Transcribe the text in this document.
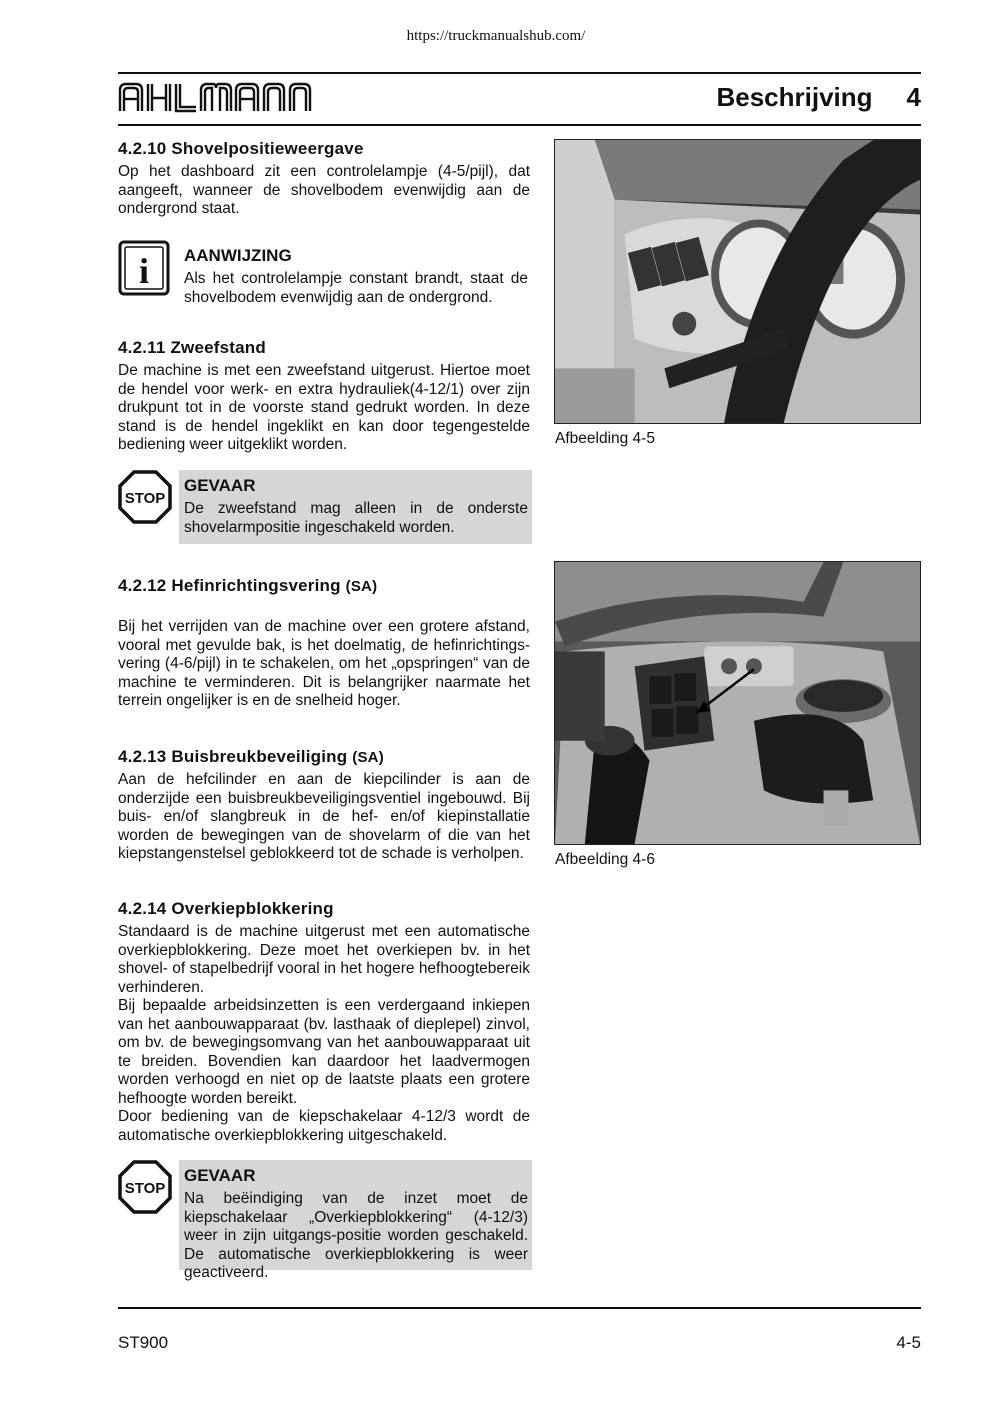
https://truckmanualshub.com/
AHLMANN
Beschrijving 4
4.2.10 Shovelpositieweergave

Op het dashboard zit een controlelampje (4-5/pijl), dat aangeeft, wanneer de shovelbodem evenwijdig aan de ondergrond staat.

i AANWIJZING

Als het controlelampje constant brandt, staat de shovelbodem evenwijdig aan de ondergrond.

4.2.11 Zweefstand

De machine is met een zweefstand uitgerust. Hiertoe moet de hendel voor werk- en extra hydrauliek(4-12/1) over zijn drukpunt tot in de voorste stand gedrukt worden. In deze stand is de hendel ingeklikt en kan door tegengestelde bediening weer uitgeklikt worden.

STOP
GEVAAR

De zweefstand mag alleen in de onderste shovelarmpositie ingeschakeld worden.

4.2.12 Hefinrichtingsvering (SA)

Bij het verrijden van de machine over een grotere afstand, vooral met gevulde bak, is het doelmatig, de hefinrichtings-vering (4-6/pijl) in te schakelen, om het „opspringen“ van de machine te verminderen. Dit is belangrijker naarmate het terrein ongelijker is en de snelheid hoger.

4.2.13 Buisbreukbeveiliging (SA)

Aan de hefcilinder en aan de kiepcilinder is aan de onderzijde een buisbreukbeveiligingsventiel ingebouwd. Bij buis- en/of slangbreuk in de hef- en/of kiepinstallatie worden de bewegingen van de shovelarm of die van het kiepstangenstelsel geblokkeerd tot de schade is verholpen.

4.2.14 Overkiepblokkering

Standaard is de machine uitgerust met een automatische overkiepblokkering. Deze moet het overkiepen bv. in het shovel- of stapelbedrijf vooral in het hogere hefhoogtebereik verhinderen.

Bij bepaalde arbeidsinzetten is een verdergaand inkiepen van het aanbouwapparaat (bv. lasthaak of dieplepel) zinvol, om bv. de bewegingsomvang van het aanbouwapparaat uit te breiden. Bovendien kan daardoor het laadvermogen worden verhoogd en niet op de laatste plaats een grotere hefhoogte worden bereikt.

Door bediening van de kiepschakelaar 4-12/3 wordt de automatische overkiepblokkering uitgeschakeld.

STOP
GEVAAR

Na beëindiging van de inzet moet de kiepschakelaar „Overkiepblokkering“ (4-12/3) weer in zijn uitgangs-positie worden geschakeld. De automatische overkiepblokkering is weer geactiveerd.

Afbeelding 4-5
Afbeelding 4-6
ST900	4-5
